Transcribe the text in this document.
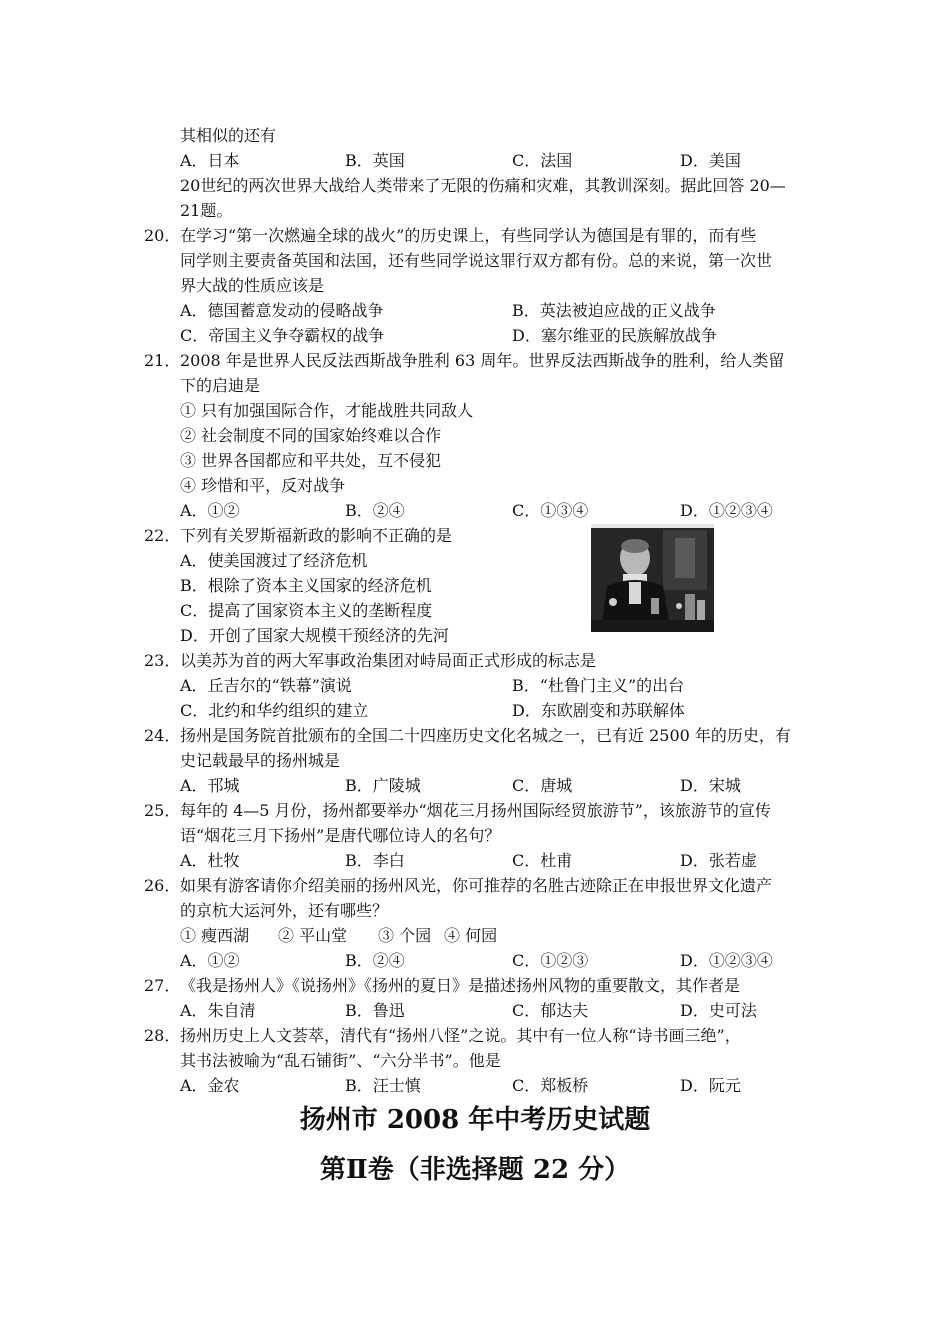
其相似的还有
A．日本	B．英国	C．法国	D．美国
20世纪的两次世界大战给人类带来了无限的伤痛和灾难，其教训深刻。据此回答 20—
21题。
20． 在学习“第一次燃遍全球的战火”的历史课上，有些同学认为德国是有罪的，而有些
同学则主要责备英国和法国，还有些同学说这罪行双方都有份。总的来说，第一次世
界大战的性质应该是
A．德国蓄意发动的侵略战争	B．英法被迫应战的正义战争
C．帝国主义争夺霸权的战争	D．塞尔维亚的民族解放战争
21． 2008 年是世界人民反法西斯战争胜利 63 周年。世界反法西斯战争的胜利，给人类留
下的启迪是
① 只有加强国际合作，才能战胜共同敌人
② 社会制度不同的国家始终难以合作
③ 世界各国都应和平共处，互不侵犯
④ 珍惜和平，反对战争
A．①②	B．②④	C．①③④	D．①②③④
22． 下列有关罗斯福新政的影响不正确的是
A．使美国渡过了经济危机
B．根除了资本主义国家的经济危机
C．提高了国家资本主义的垄断程度
D．开创了国家大规模干预经济的先河
23． 以美苏为首的两大军事政治集团对峙局面正式形成的标志是
A．丘吉尔的“铁幕”演说	B．“杜鲁门主义”的出台
C．北约和华约组织的建立	D．东欧剧变和苏联解体
24． 扬州是国务院首批颁布的全国二十四座历史文化名城之一，已有近 2500 年的历史，有
史记载最早的扬州城是
A．邗城	B．广陵城	C．唐城	D．宋城
25． 每年的 4—5 月份，扬州都要举办“烟花三月扬州国际经贸旅游节”，该旅游节的宣传
语“烟花三月下扬州”是唐代哪位诗人的名句？
A．杜牧	B．李白	C．杜甫	D．张若虚
26． 如果有游客请你介绍美丽的扬州风光，你可推荐的名胜古迹除正在申报世界文化遗产
的京杭大运河外，还有哪些？
① 瘦西湖 ② 平山堂 ③ 个园 ④ 何园
A．①②	B．②④	C．①②③	D．①②③④
27． 《我是扬州人》《说扬州》《扬州的夏日》是描述扬州风物的重要散文，其作者是
A．朱自清	B．鲁迅	C．郁达夫	D．史可法
28． 扬州历史上人文荟萃，清代有“扬州八怪”之说。其中有一位人称“诗书画三绝”，
其书法被喻为“乱石铺街”、“六分半书”。他是
A．金农	B．汪士慎	C．郑板桥	D．阮元
扬州市 2008 年中考历史试题
第Ⅱ卷（非选择题 22 分）
